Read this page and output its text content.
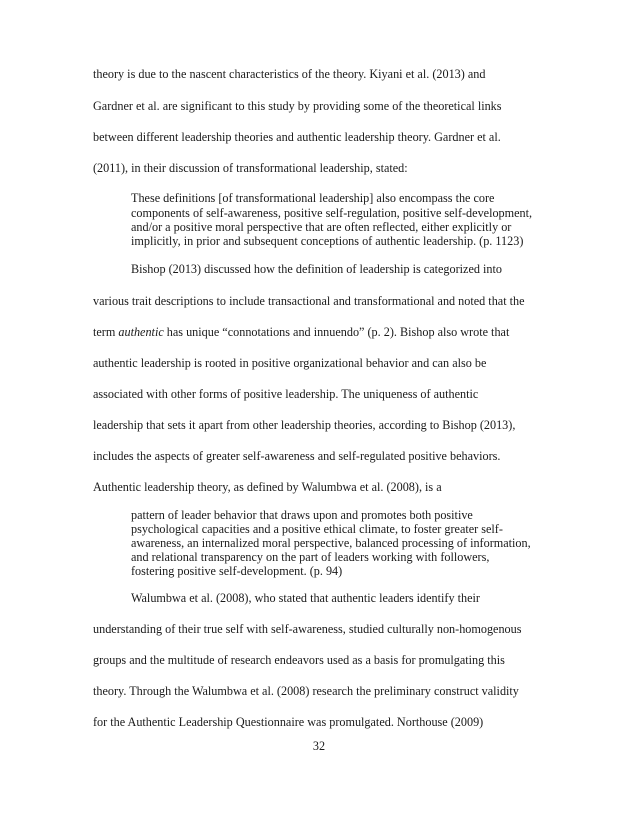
theory is due to the nascent characteristics of the theory. Kiyani et al. (2013) and
Gardner et al. are significant to this study by providing some of the theoretical links
between different leadership theories and authentic leadership theory. Gardner et al.
(2011), in their discussion of transformational leadership, stated:
These definitions [of transformational leadership] also encompass the core
components of self-awareness, positive self-regulation, positive self-development,
and/or a positive moral perspective that are often reflected, either explicitly or
implicitly, in prior and subsequent conceptions of authentic leadership. (p. 1123)
Bishop (2013) discussed how the definition of leadership is categorized into
various trait descriptions to include transactional and transformational and noted that the
term authentic has unique “connotations and innuendo” (p. 2). Bishop also wrote that
authentic leadership is rooted in positive organizational behavior and can also be
associated with other forms of positive leadership. The uniqueness of authentic
leadership that sets it apart from other leadership theories, according to Bishop (2013),
includes the aspects of greater self-awareness and self-regulated positive behaviors.
Authentic leadership theory, as defined by Walumbwa et al. (2008), is a
pattern of leader behavior that draws upon and promotes both positive
psychological capacities and a positive ethical climate, to foster greater self-
awareness, an internalized moral perspective, balanced processing of information,
and relational transparency on the part of leaders working with followers,
fostering positive self-development. (p. 94)
Walumbwa et al. (2008), who stated that authentic leaders identify their
understanding of their true self with self-awareness, studied culturally non-homogenous
groups and the multitude of research endeavors used as a basis for promulgating this
theory. Through the Walumbwa et al. (2008) research the preliminary construct validity
for the Authentic Leadership Questionnaire was promulgated. Northouse (2009)
32
